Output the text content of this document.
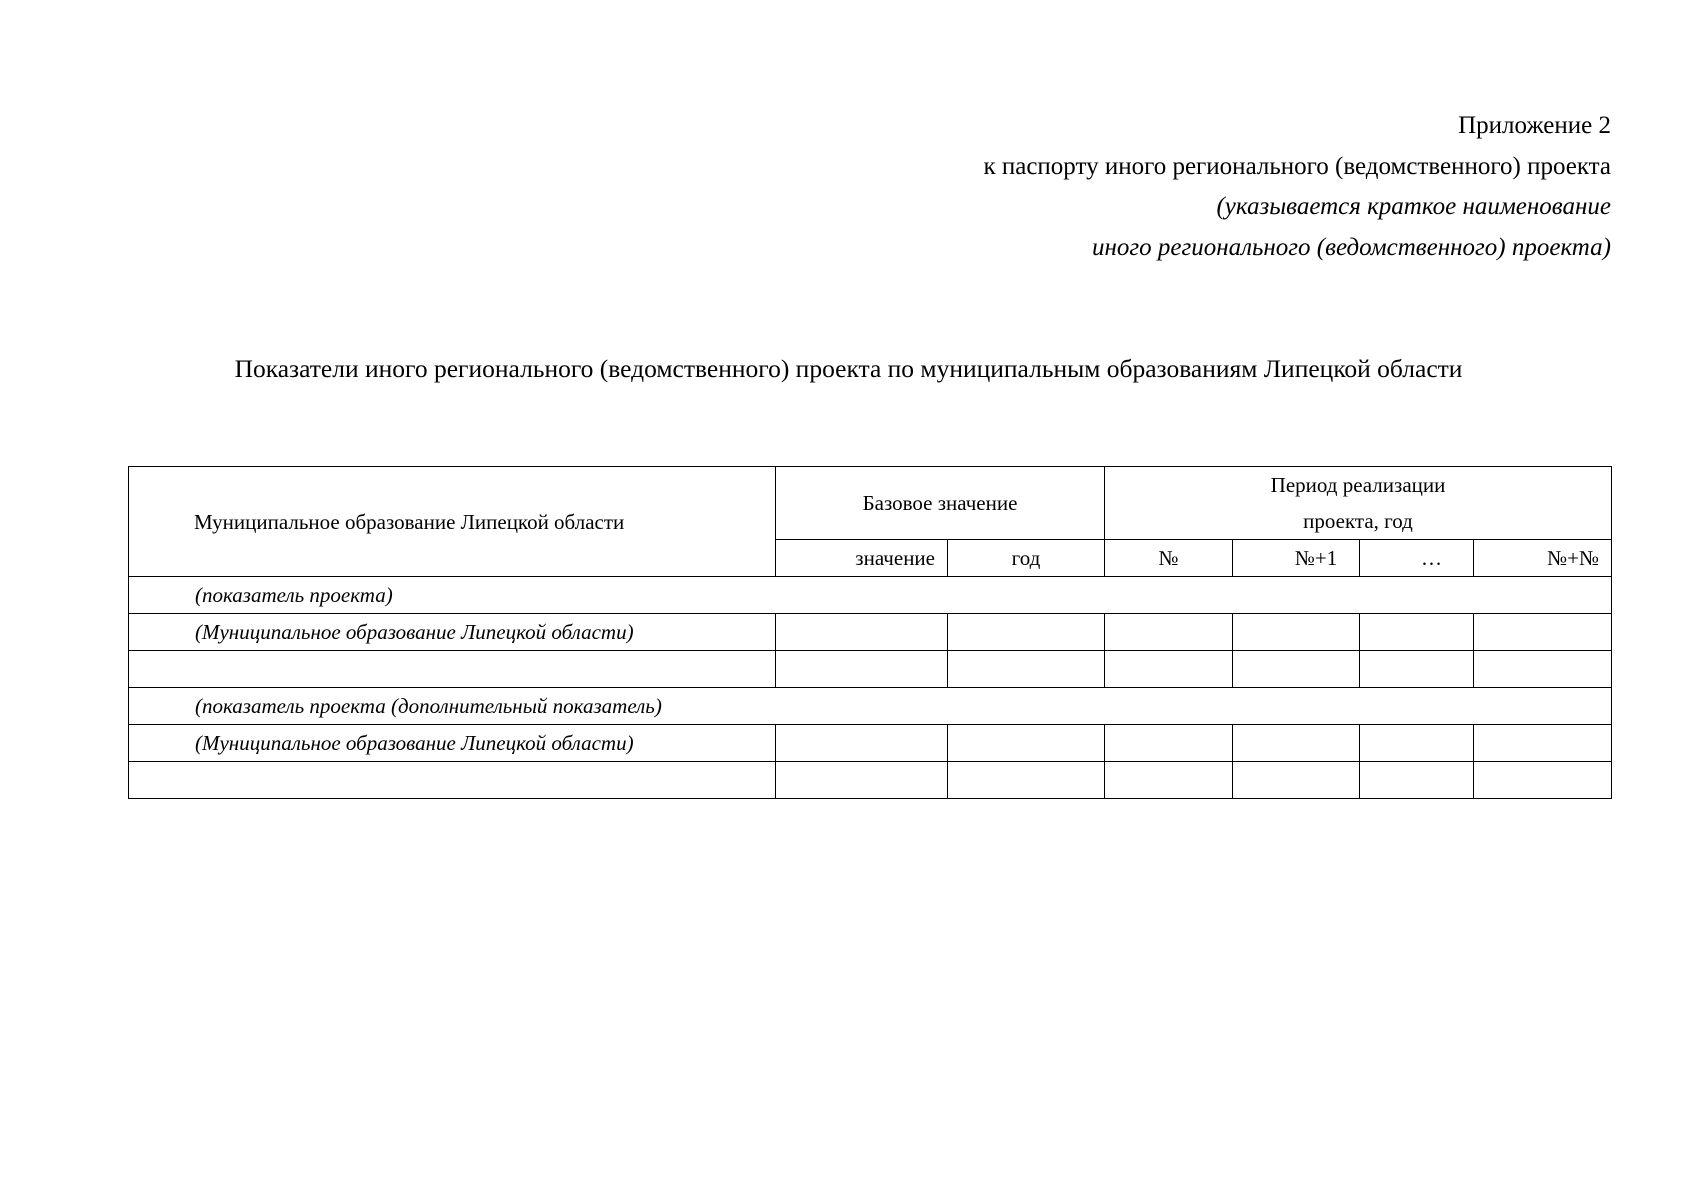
Приложение 2
к паспорту иного регионального (ведомственного) проекта
(указывается краткое наименование
иного регионального (ведомственного) проекта)
Показатели иного регионального (ведомственного) проекта по муниципальным образованиям Липецкой области
Муниципальное образование Липецкой области	Базовое значение		Период реализации
проекта, год			

	значение	год	№	№+1	…	№+№
(показатель проекта)						
(Муниципальное образование Липецкой области)						

(показатель проекта (дополнительный показатель)						
(Муниципальное образование Липецкой области)						
